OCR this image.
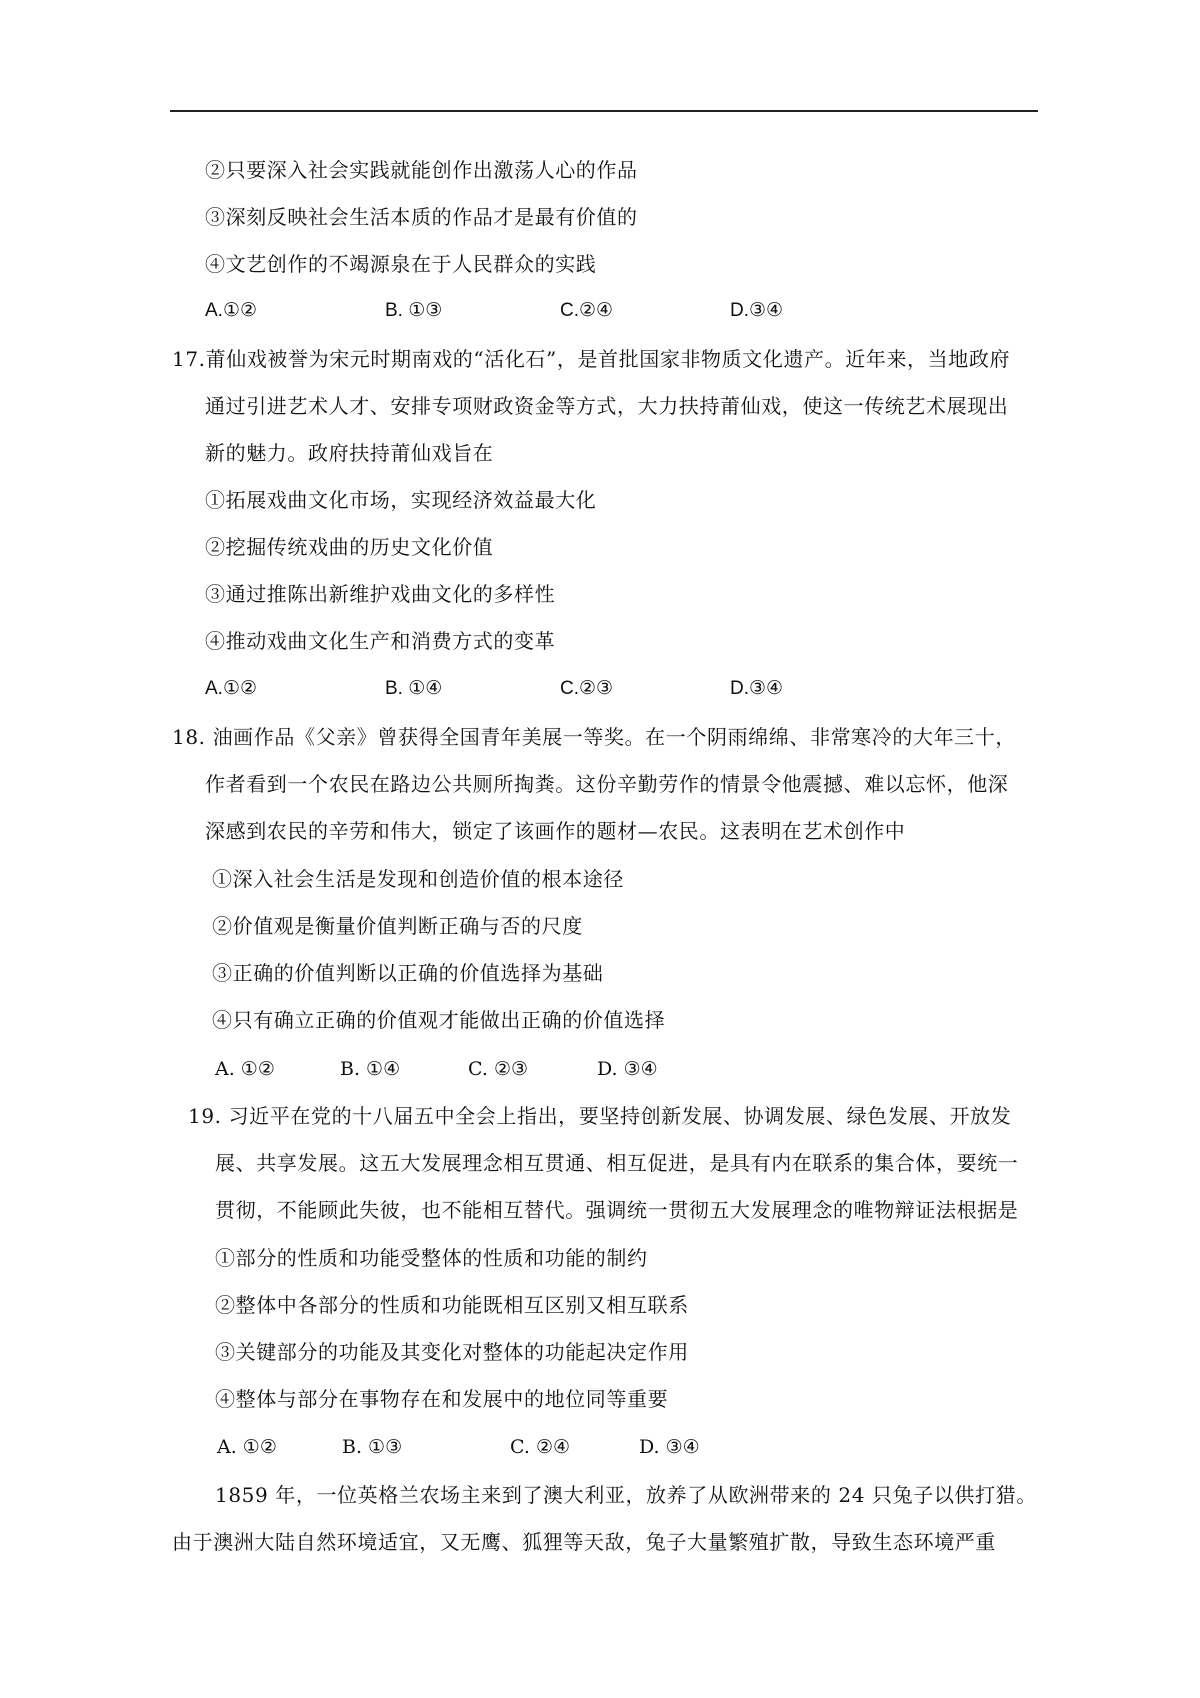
②只要深入社会实践就能创作出激荡人心的作品
③深刻反映社会生活本质的作品才是最有价值的
④文艺创作的不竭源泉在于人民群众的实践
A.①②	B. ①③	C.②④	D.③④
17.莆仙戏被誉为宋元时期南戏的“活化石”，是首批国家非物质文化遗产。近年来，当地政府
通过引进艺术人才、安排专项财政资金等方式，大力扶持莆仙戏，使这一传统艺术展现出
新的魅力。政府扶持莆仙戏旨在
①拓展戏曲文化市场，实现经济效益最大化
②挖掘传统戏曲的历史文化价值
③通过推陈出新维护戏曲文化的多样性
④推动戏曲文化生产和消费方式的变革
A.①②	B. ①④	C.②③	D.③④
18. 油画作品《父亲》曾获得全国青年美展一等奖。在一个阴雨绵绵、非常寒冷的大年三十，
作者看到一个农民在路边公共厕所掏粪。这份辛勤劳作的情景令他震撼、难以忘怀，他深
深感到农民的辛劳和伟大，锁定了该画作的题材—农民。这表明在艺术创作中
①深入社会生活是发现和创造价值的根本途径
②价值观是衡量价值判断正确与否的尺度
③正确的价值判断以正确的价值选择为基础
④只有确立正确的价值观才能做出正确的价值选择
A. ①②	B. ①④	C. ②③	D. ③④
19. 习近平在党的十八届五中全会上指出，要坚持创新发展、协调发展、绿色发展、开放发
展、共享发展。这五大发展理念相互贯通、相互促进，是具有内在联系的集合体，要统一
贯彻，不能顾此失彼，也不能相互替代。强调统一贯彻五大发展理念的唯物辩证法根据是
①部分的性质和功能受整体的性质和功能的制约
②整体中各部分的性质和功能既相互区别又相互联系
③关键部分的功能及其变化对整体的功能起决定作用
④整体与部分在事物存在和发展中的地位同等重要
A. ①②	B. ①③	C. ②④	D. ③④
1859 年，一位英格兰农场主来到了澳大利亚，放养了从欧洲带来的 24 只兔子以供打猎。
由于澳洲大陆自然环境适宜，又无鹰、狐狸等天敌，兔子大量繁殖扩散，导致生态环境严重
